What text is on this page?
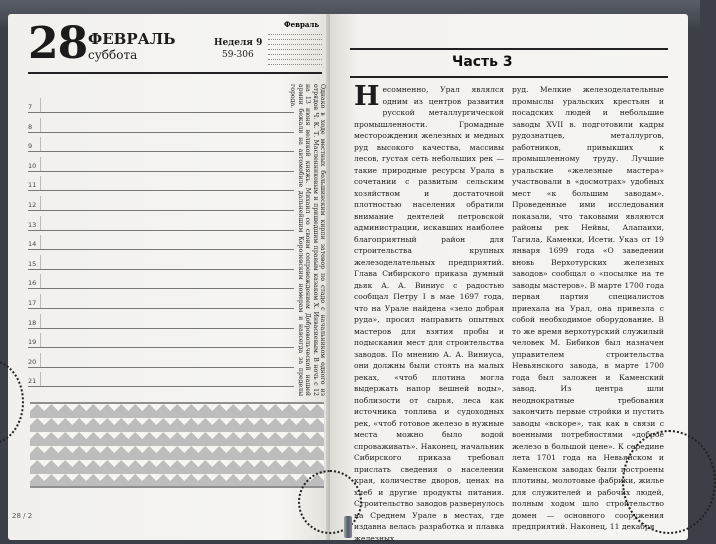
28 ФЕВРАЛЬ
суббота
Неделя 9
59-306
Февраль
7
8
9
10
11
12
13
14
15
16
17
18
19
20
21	Однако в ходе местных большинским кирпи затовор по стадо с начальником одного из отрядов Ч. К. Т. Масленниковым и пришедшим правым казаком Х. Инвасиевым. В ночь с 12 на 13 июня великой княжь. Михаил со своим сопровождением Добровольческой нашей армии бежали на автомобиле дальнейшим Королевским номерам и навсегда за пределы города.
28 / 2
Часть 3
Несомненно, Урал являлся одним из центров развития русской металлургической промышленности. Громадные месторождения железных и медных руд высокого качества, массивы лесов, густая сеть небольших рек — такие природные ресурсы Урала в сочетании с развитым сельским хозяйством и достаточной плотностью населения обратили внимание деятелей петровской администрации, искавших наиболее благоприятный район для строительства крупных железоделательных предприятий. Глава Сибирского приказа думный дьяк А. А. Виниус с радостью сообщал Петру I в мае 1697 года, что на Урале найдена «зело добрая руда», просил направить опытных мастеров для взятия пробы и подыскания мест для строительства заводов. По мнению А. А. Виниуса, они должны были стоять на малых реках, «чтоб плотина могла выдержать напор вешней воды», поблизости от сырья, леса как источника топлива и судоходных рек, «чтоб готовое железо в нужные места можно было водой спроваживать». Наконец, начальник Сибирского приказа требовал прислать сведения о населении края, количестве дворов, ценах на хлеб и другие продукты питания. Строительство заводов развернулось на Среднем Урале в местах, где издавна велась разработка и плавка железных
руд. Мелкие железоделательные промыслы уральских крестьян и посадских людей и небольшие заводы XVII в. подготовили кадры рудознатцев, металлургов, работников, привыкших к промышленному труду. Лучшие уральские «железные мастера» участвовали в «досмотрах» удобных мест «к большим заводам». Проведенные ими исследования показали, что таковыми являются районы рек Нейвы, Алапаихи, Тагила, Каменки, Исети. Указ от 19 января 1699 года «О заведении вновь Верхотурских железных заводов» сообщал о «посылке на те заводы мастеров». В марте 1700 года первая партия специалистов приехала на Урал, она привезла с собой необходимое оборудование. В то же время верхотурский служилый человек М. Бибиков был назначен управителем строительства Невьянского завода, в марте 1700 года был заложен и Каменский завод. Из центра шли неоднократные требования закончить первые стройки и пустить заводы «вскоре», так как в связи с военными потребностями «доброе железо в большой цене». К середине лета 1701 года на Невьянском и Каменском заводах были построены плотины, молотовые фабрики, жилье для служителей и рабочих людей, полным ходом шло строительство домен — основного сооружения предприятий. Наконец, 11 декабря
